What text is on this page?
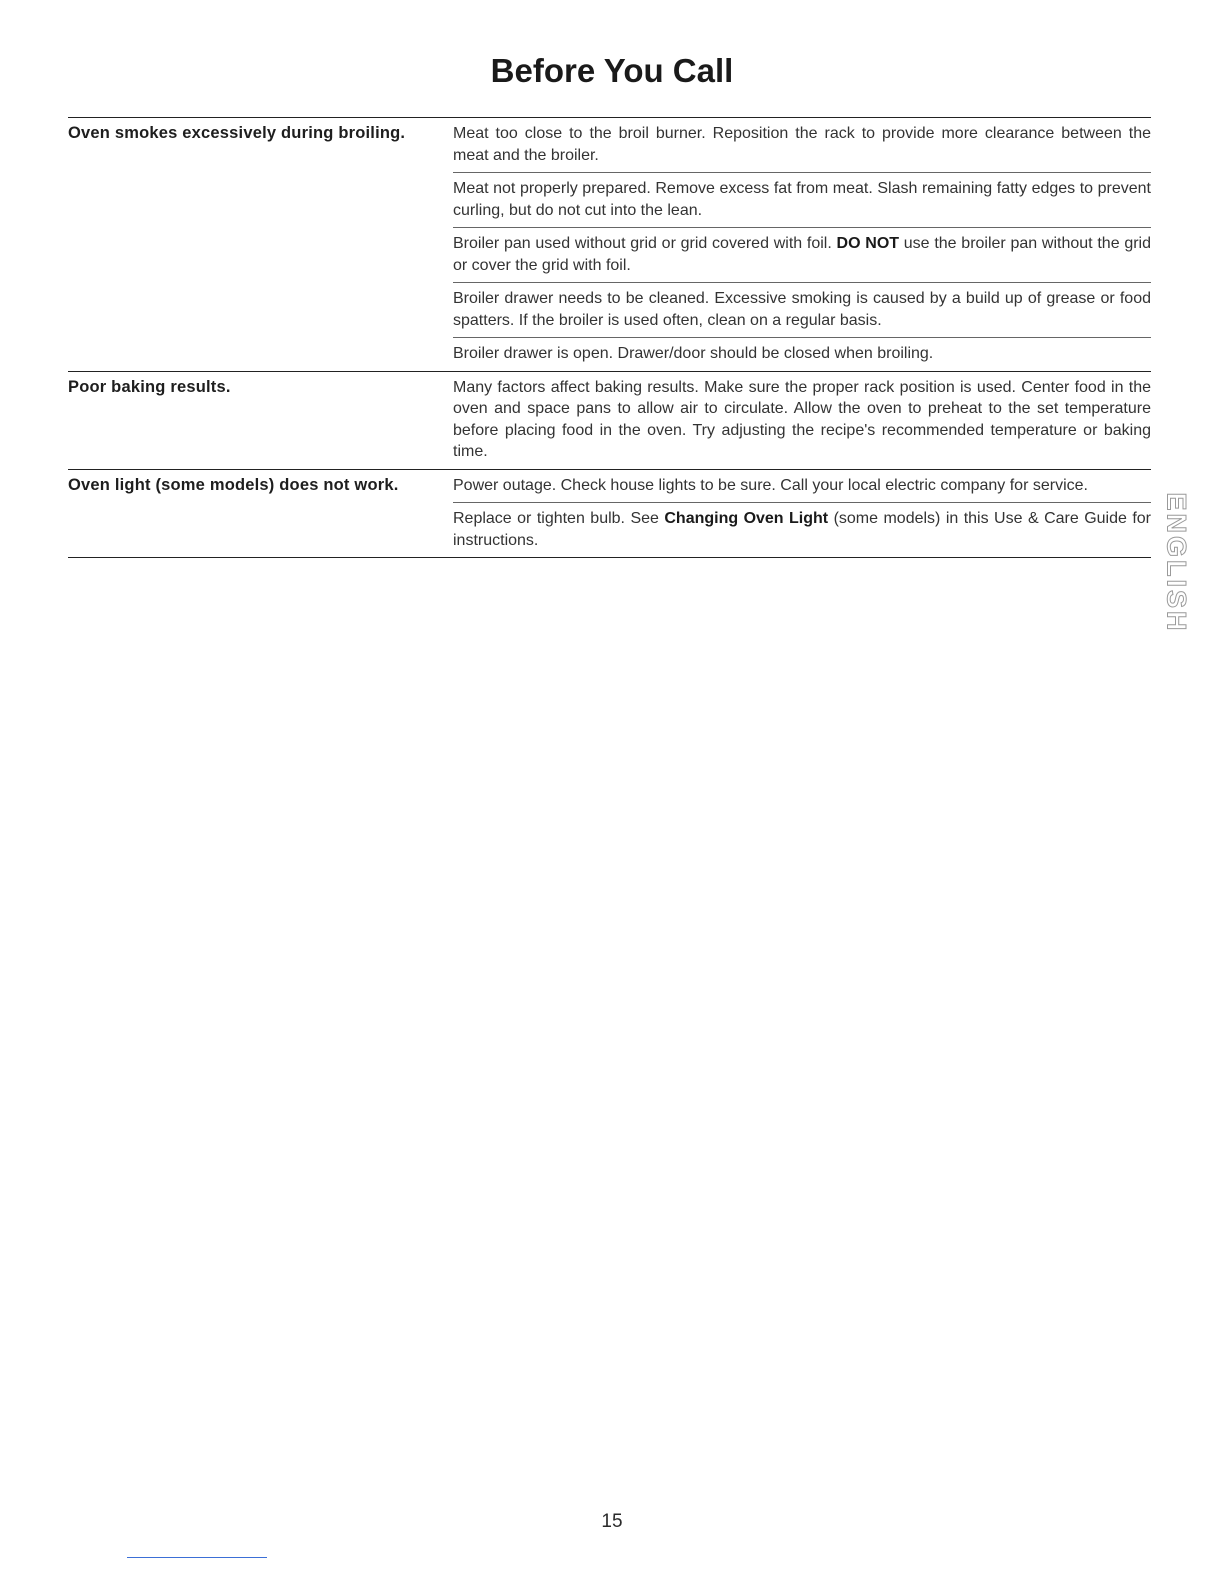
Before You Call
Oven smokes excessively during broiling.	Meat too close to the broil burner. Reposition the rack to provide more clearance between the meat and the broiler.
Meat not properly prepared. Remove excess fat from meat. Slash remaining fatty edges to prevent curling, but do not cut into the lean.
Broiler pan used without grid or grid covered with foil. DO NOT use the broiler pan without the grid or cover the grid with foil.
Broiler drawer needs to be cleaned. Excessive smoking is caused by a build up of grease or food spatters. If the broiler is used often, clean on a regular basis.
Broiler drawer is open. Drawer/door should be closed when broiling.
Poor baking results.	Many factors affect baking results. Make sure the proper rack position is used. Center food in the oven and space pans to allow air to circulate. Allow the oven to preheat to the set temperature before placing food in the oven. Try adjusting the recipe's recommended temperature or baking time.
Oven light (some models) does not work.	Power outage. Check house lights to be sure. Call your local electric company for service.
Replace or tighten bulb. See Changing Oven Light (some models) in this Use & Care Guide for instructions.	ENGLISH
15
